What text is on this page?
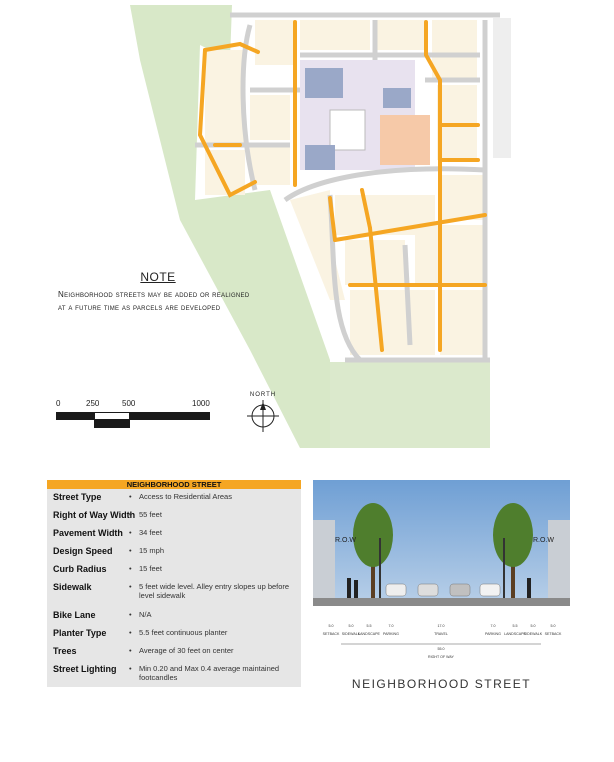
NOTE
Neighborhood streets may be added or realigned at a future time as parcels are developed
0	250	500	1000
NORTH
NEIGHBORHOOD STREET
Street Type	• Access to Residential Areas
Right of Way Width • 55 feet
Pavement Width • 34 feet
Design Speed	• 15 mph
Curb Radius	• 15 feet
Sidewalk	• 5 feet wide level. Alley entry slopes up before level sidewalk
Bike Lane	• N/A
Planter Type	• 5.5 feet continuous planter
Trees	• Average of 30 feet on center
Street Lighting	• Min 0.20 and Max 0.4 average maintained footcandles
R.O.W	R.O.W
5.0	5.0	5.5	7.0	17.0	7.0	5.5	5.0	5.0
SETBACK SIDEWALK
LANDSCAPE PARKING	TRAVEL	PARKING LANDSCAPE
SIDEWALK SETBACK
55.0
RIGHT OF WAY
NEIGHBORHOOD STREET
